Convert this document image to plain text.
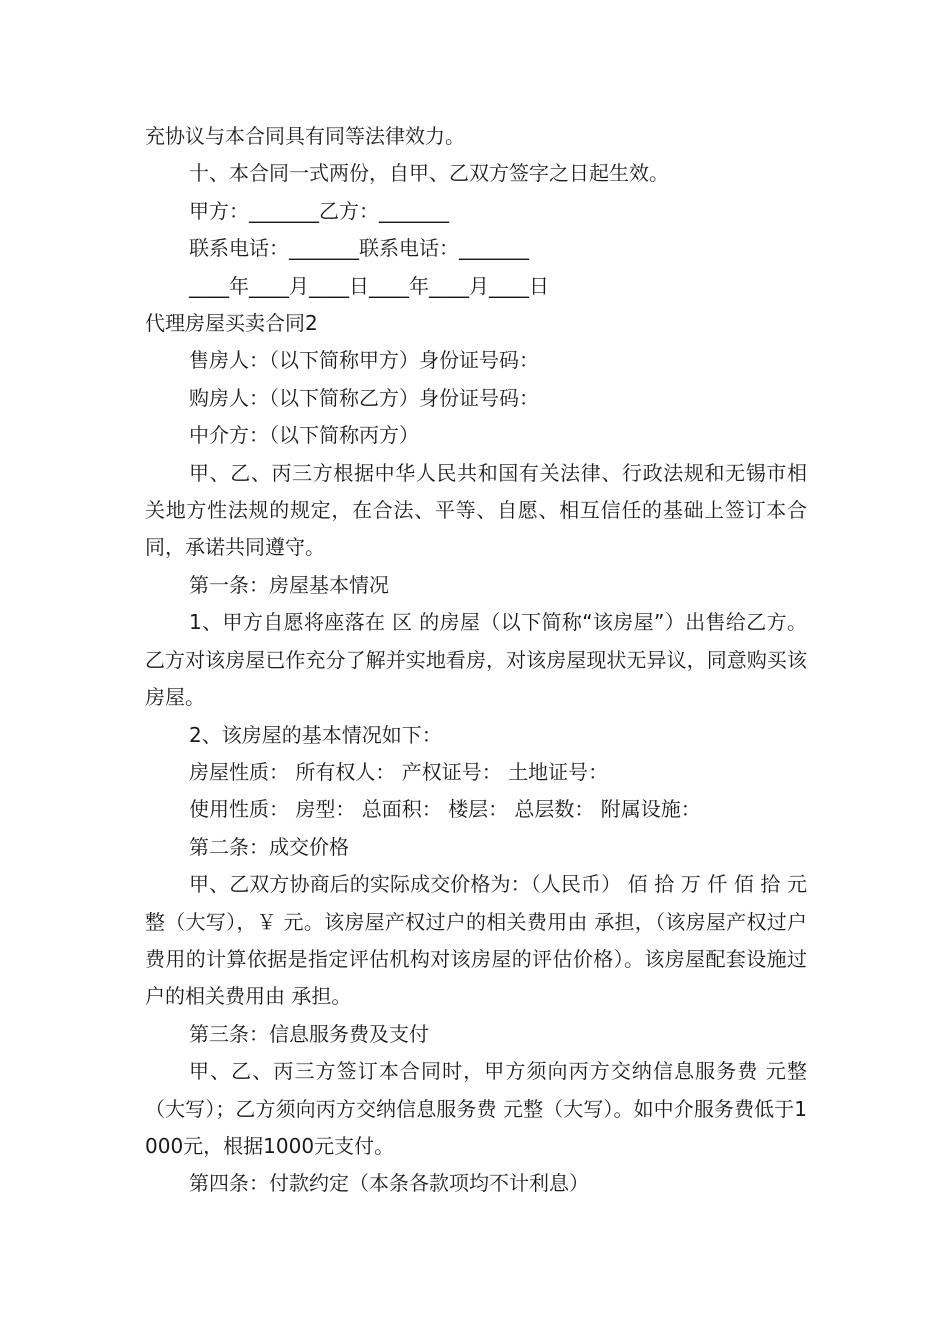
充协议与本合同具有同等法律效力。

十、本合同一式两份，自甲、乙双方签字之日起生效。

甲方：_______乙方：_______

联系电话：_______联系电话：_______

____年____月____日____年____月____日

代理房屋买卖合同2

售房人：（以下简称甲方）身份证号码：

购房人：（以下简称乙方）身份证号码：

中介方：（以下简称丙方）

甲、乙、丙三方根据中华人民共和国有关法律、行政法规和无锡市相关地方性法规的规定，在合法、平等、自愿、相互信任的基础上签订本合同，承诺共同遵守。

第一条：房屋基本情况

1、甲方自愿将座落在 区 的房屋（以下简称“该房屋”）出售给乙方。乙方对该房屋已作充分了解并实地看房，对该房屋现状无异议，同意购买该房屋。

2、该房屋的基本情况如下：

房屋性质： 所有权人： 产权证号： 土地证号：

使用性质： 房型： 总面积： 楼层： 总层数： 附属设施：

第二条：成交价格

甲、乙双方协商后的实际成交价格为：（人民币） 佰 拾 万 仟 佰 拾 元整（大写），￥ 元。该房屋产权过户的相关费用由 承担，（该房屋产权过户费用的计算依据是指定评估机构对该房屋的评估价格）。该房屋配套设施过户的相关费用由 承担。

第三条：信息服务费及支付

甲、乙、丙三方签订本合同时，甲方须向丙方交纳信息服务费 元整（大写）；乙方须向丙方交纳信息服务费 元整（大写）。如中介服务费低于1000元，根据1000元支付。

第四条：付款约定（本条各款项均不计利息）
